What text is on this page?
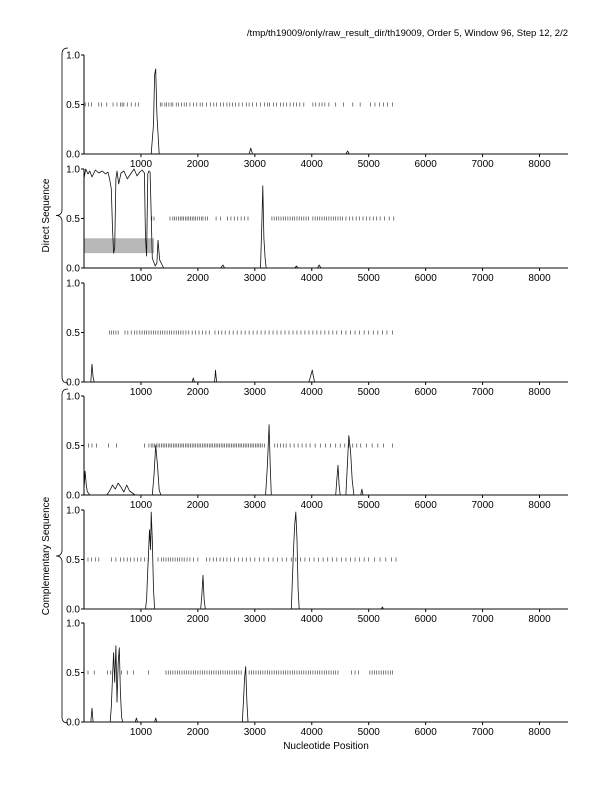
/tmp/th19009/only/raw_result_dir/th19009, Order 5, Window 96, Step 12, 2/2
0.0
0.5
1.0
1000	2000	3000	4000	5000	6000	7000	8000
0.0
0.5
1.0
1000	2000	3000	4000	5000	6000	7000	8000
0.0
0.5
1.0
1000	2000	3000	4000	5000	6000	7000	8000
0.0
0.5
1.0
1000	2000	3000	4000	5000	6000	7000	8000
0.0
0.5
1.0
1000	2000	3000	4000	5000	6000	7000	8000
0.0
0.5
1.0
1000	2000	3000	4000	5000	6000	7000	8000
Direct Sequence
Complementary Sequence
Nucleotide Position
